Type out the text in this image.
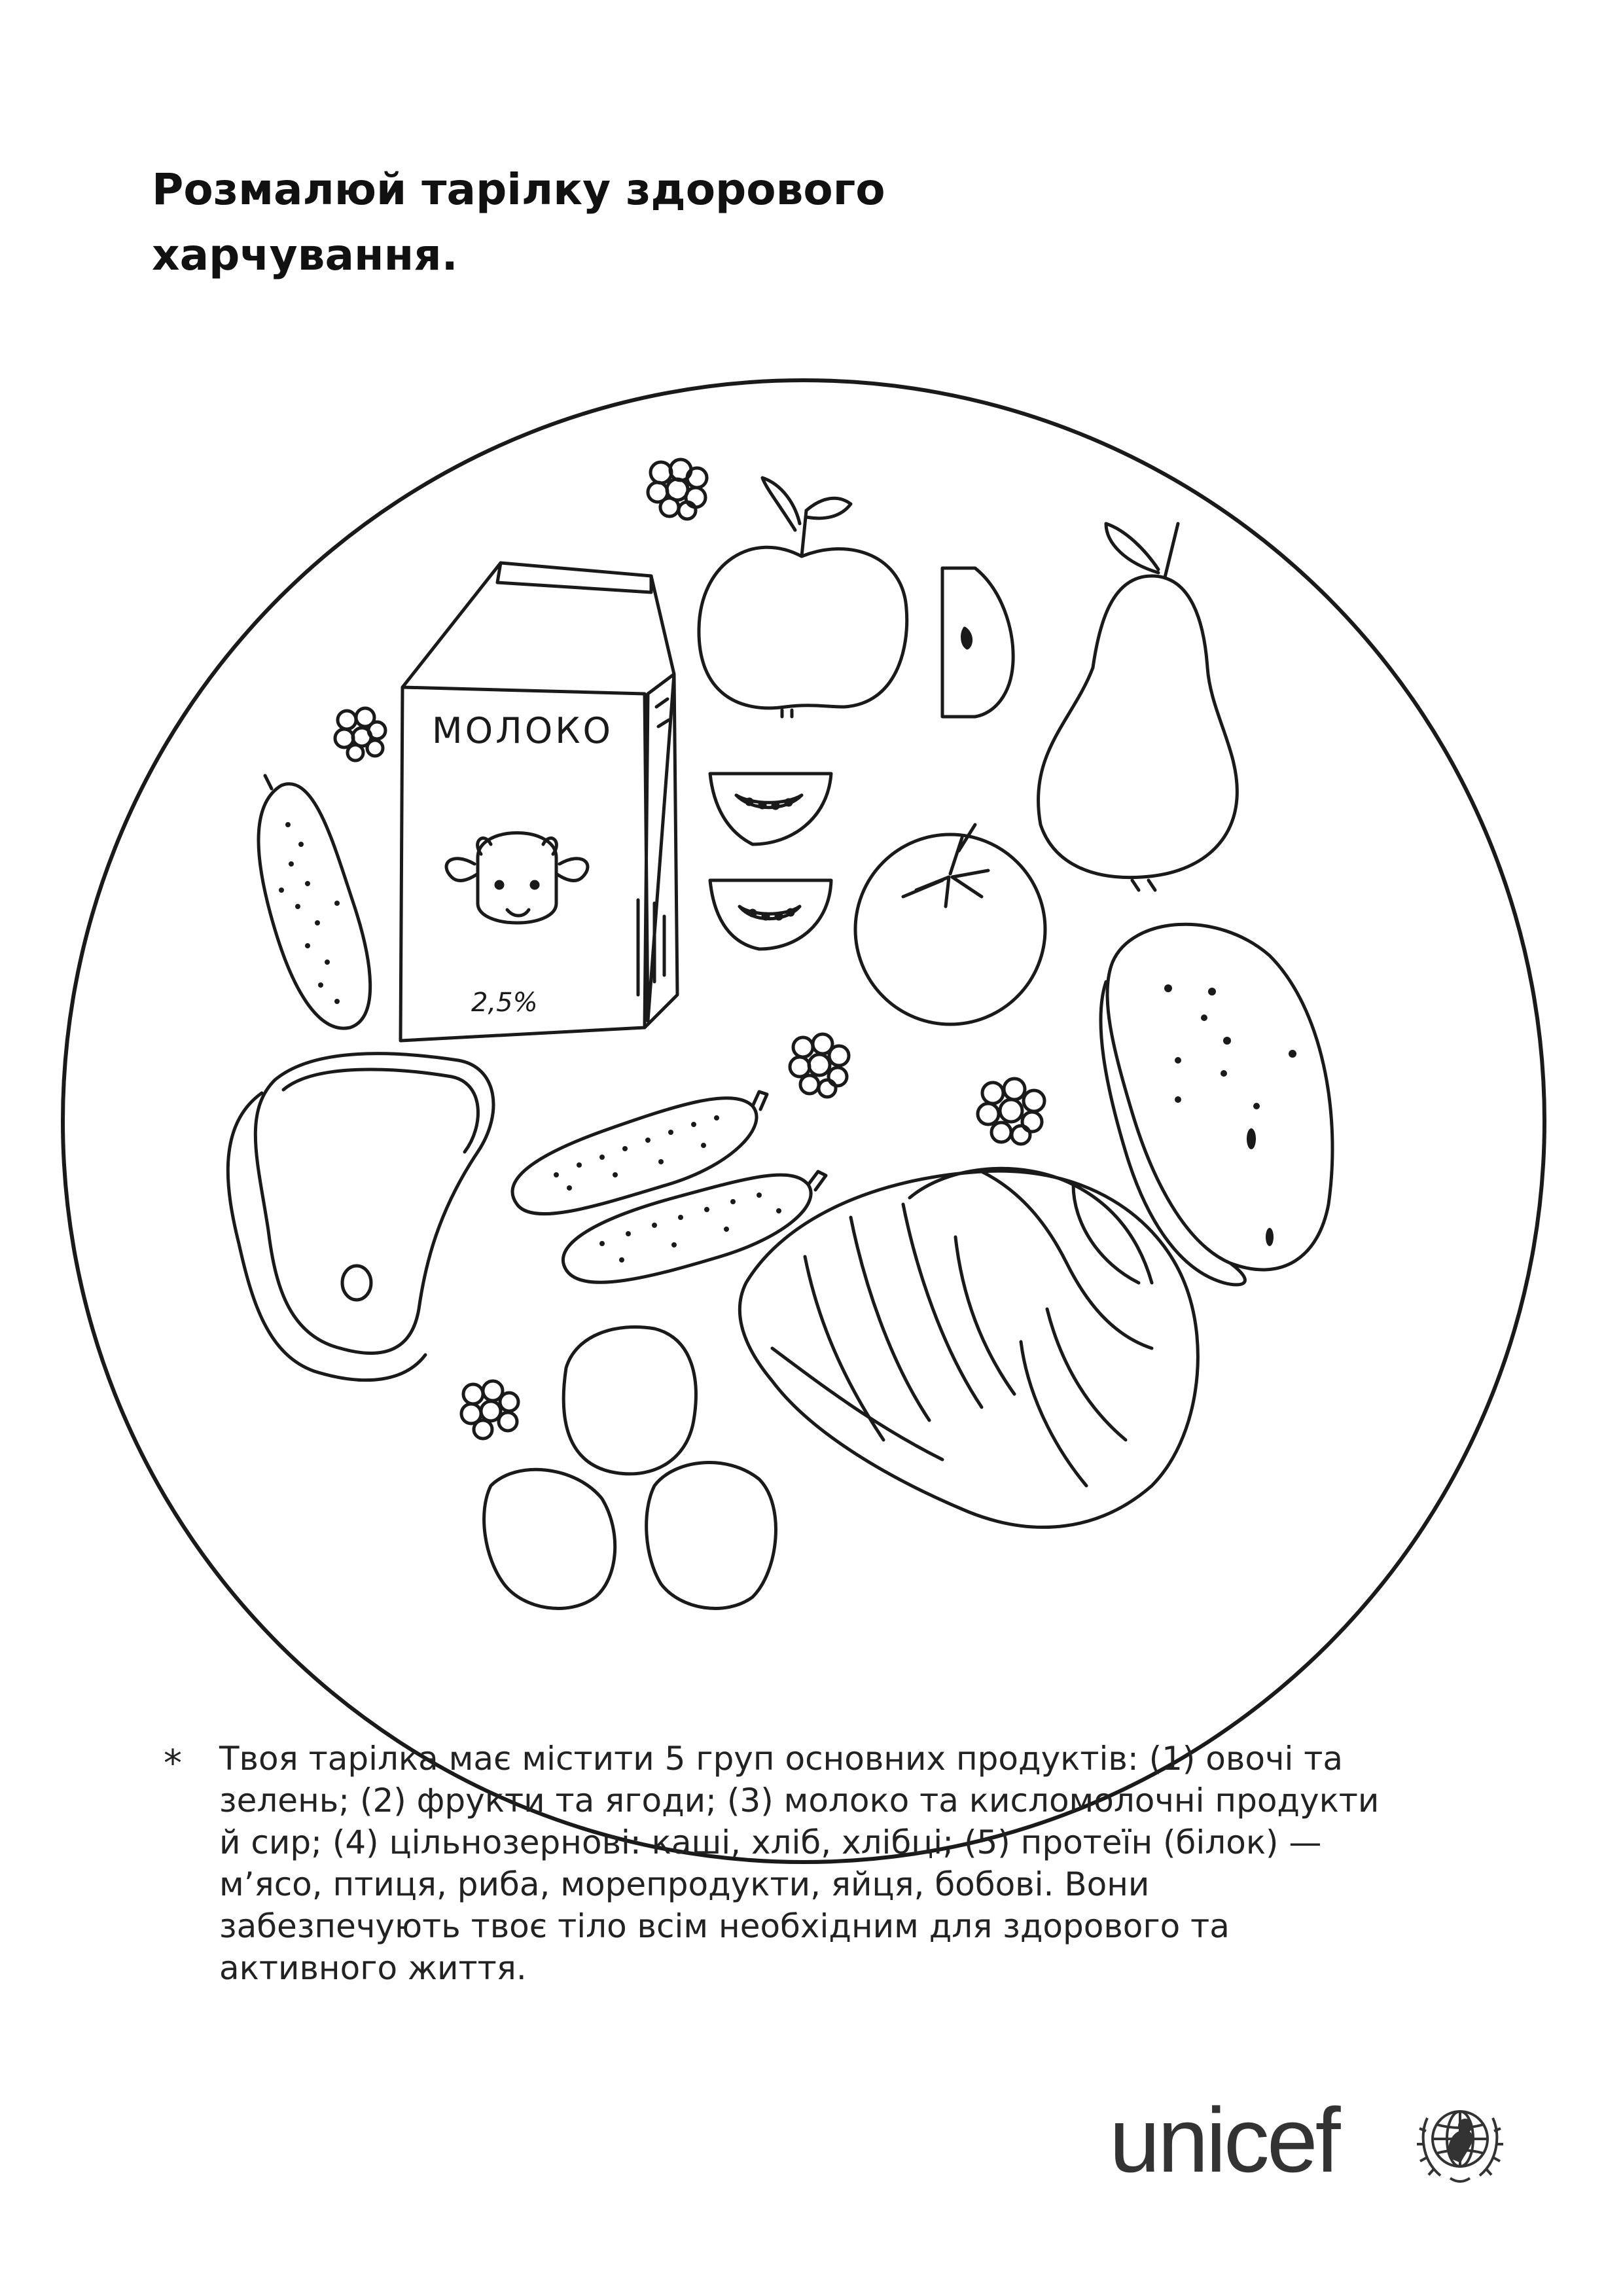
Розмалюй тарілку здорового
харчування.
МОЛОКО
2,5%
* Твоя тарілка має містити 5 груп основних продуктів: (1) овочі та
зелень; (2) фрукти та ягоди; (3) молоко та кисломолочні продукти
й сир; (4) цільнозернові: каші, хліб, хлібці; (5) протеїн (білок) —
м’ясо, птиця, риба, морепродукти, яйця, бобові. Вони
забезпечують твоє тіло всім необхідним для здорового та
активного життя.
unicef
